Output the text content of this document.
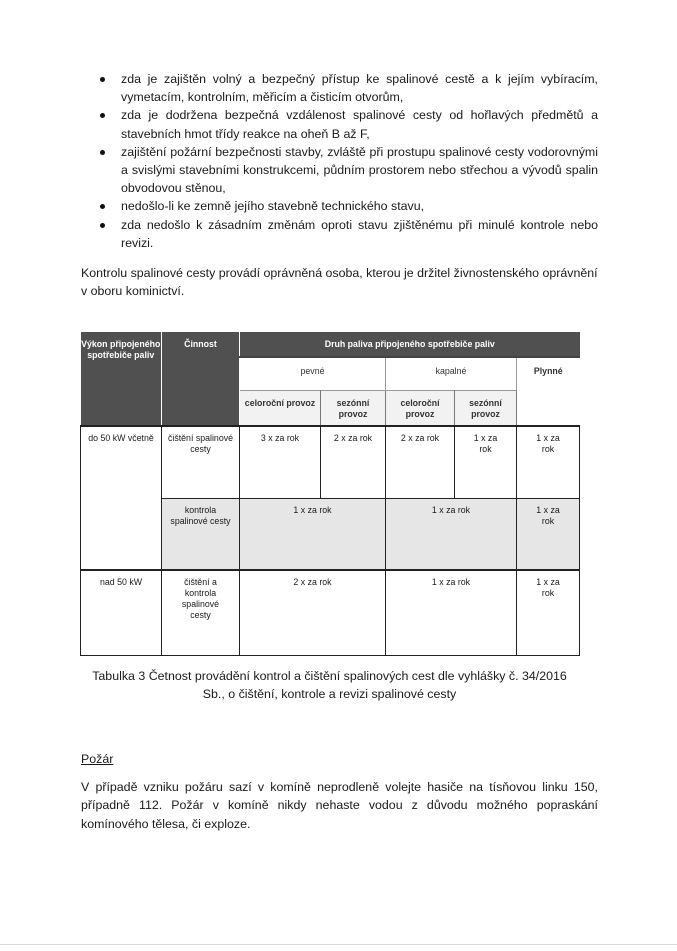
zda je zajištěn volný a bezpečný přístup ke spalinové cestě a k jejím vybíracím, vymetacím, kontrolním, měřicím a čisticím otvorům,
zda je dodržena bezpečná vzdálenost spalinové cesty od hořlavých předmětů a stavebních hmot třídy reakce na oheň B až F,
zajištění požární bezpečnosti stavby, zvláště při prostupu spalinové cesty vodorovnými a svislými stavebními konstrukcemi, půdním prostorem nebo střechou a vývodů spalin obvodovou stěnou,
nedošlo-li ke zemně jejího stavebně technického stavu,
zda nedošlo k zásadním změnám oproti stavu zjištěnému při minulé kontrole nebo revizi.

Kontrolu spalinové cesty provádí oprávněná osoba, kterou je držitel živnostenského oprávnění v oboru kominictví.

Výkon připojeného spotřebiče paliv	Činnost	Druh paliva připojeného spotřebiče paliv				
		pevné		kapalné		Plynné
		celoroční provoz	sezónní provoz	celoroční provoz	sezónní provoz	
do 50 kW včetně	čištění spalinové cesty	3 x za rok	2 x za rok	2 x za rok	1 x za rok	1 x za rok
	kontrola spalinové cesty	1 x za rok		1 x za rok		1 x za rok
nad 50 kW	čištění a kontrola spalinové cesty	2 x za rok		1 x za rok		1 x za rok

Tabulka 3 Četnost provádění kontrol a čištění spalinových cest dle vyhlášky č. 34/2016 Sb., o čištění, kontrole a revizi spalinové cesty

Požár

V případě vzniku požáru sazí v komíně neprodleně volejte hasiče na tísňovou linku 150, případně 112. Požár v komíně nikdy nehaste vodou z důvodu možného popraskání komínového tělesa, či exploze.
